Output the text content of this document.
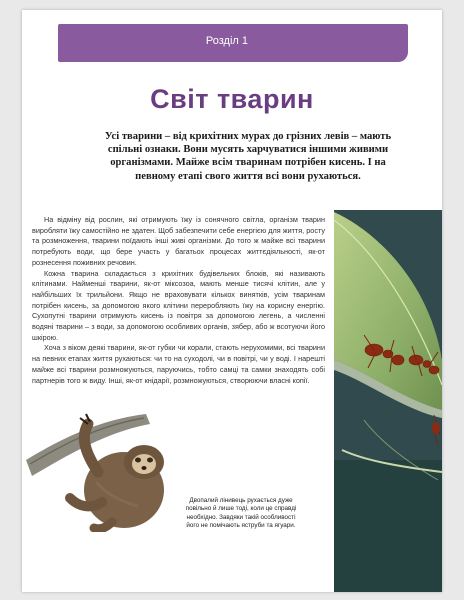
Розділ 1
Світ тварин

Усі тварини – від крихітних мурах до грізних левів – мають спільні ознаки. Вони мусять харчуватися іншими живими організмами. Майже всім тваринам потрібен кисень. І на певному етапі свого життя всі вони рухаються.

На відміну від рослин, які отримують їжу із сонячного світла, організм тварин виробляти їжу самостійно не здатен. Щоб забезпечити себе енергією для життя, росту та розмноження, тварини поїдають інші живі організми. До того ж майже всі тварини потребують води, що бере участь у багатьох процесах життєдіяльності, як-от рознесення поживних речовин.

Кожна тварина складається з крихітних будівельних блоків, які називають клітинами. Найменші тварини, як-от міксозоа, мають менше тисячі клітин, але у найбільших їх трильйони. Якщо не враховувати кількох винятків, усім тваринам потрібен кисень, за допомогою якого клітини переробляють їжу на корисну енергію. Сухопутні тварини отримують кисень із повітря за допомогою легень, а численні водяні тварини – з води, за допомогою особливих органів, зябер, або ж всотуючи його шкірою.

Хоча з віком деякі тварини, як-от губки чи корали, стають нерухомими, всі тварини на певних етапах життя рухаються: чи то на суходолі, чи в повітрі, чи у воді. І нарешті майже всі тварини розмножуються, паруючись, тобто самці та самки знаходять собі партнерів того ж виду. Інші, як-от кнідарії, розмножуються, створюючи власні копії.

Двопалий лінивець рухається дуже повільно й лише тоді, коли це справді необхідно. Завдяки такій особливості його не помічають яструби та ягуари.
